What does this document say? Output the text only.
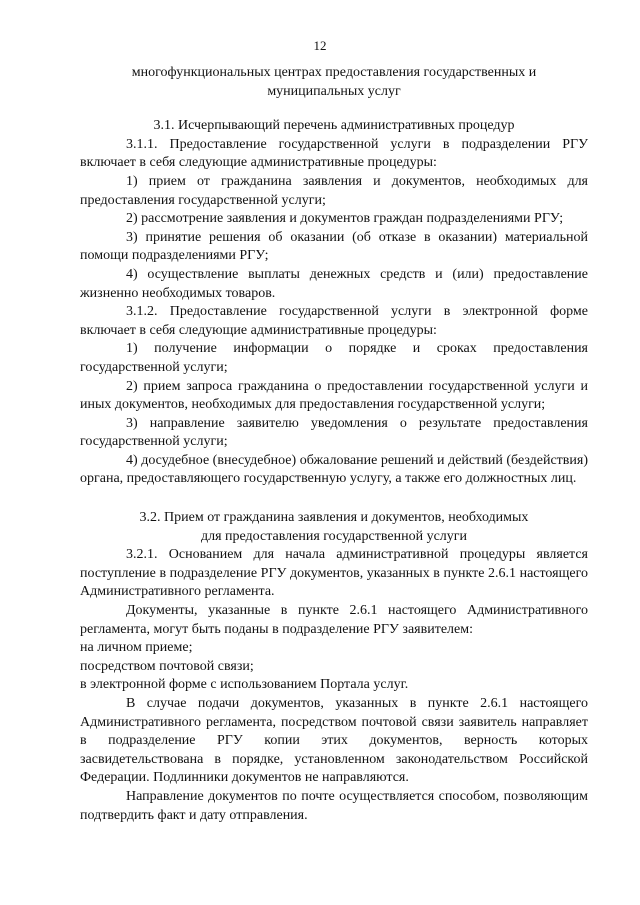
12
многофункциональных центрах предоставления государственных и
муниципальных услуг

3.1. Исчерпывающий перечень административных процедур

3.1.1. Предоставление государственной услуги в подразделении РГУ включает в себя следующие административные процедуры:

1) прием от гражданина заявления и документов, необходимых для предоставления государственной услуги;

2) рассмотрение заявления и документов граждан подразделениями РГУ;

3) принятие решения об оказании (об отказе в оказании) материальной помощи подразделениями РГУ;

4) осуществление выплаты денежных средств и (или) предоставление жизненно необходимых товаров.

3.1.2. Предоставление государственной услуги в электронной форме включает в себя следующие административные процедуры:

1) получение информации о порядке и сроках предоставления государственной услуги;

2) прием запроса гражданина о предоставлении государственной услуги и иных документов, необходимых для предоставления государственной услуги;

3) направление заявителю уведомления о результате предоставления государственной услуги;

4) досудебное (внесудебное) обжалование решений и действий (бездействия) органа, предоставляющего государственную услугу, а также его должностных лиц.

3.2. Прием от гражданина заявления и документов, необходимых
для предоставления государственной услуги

3.2.1. Основанием для начала административной процедуры является поступление в подразделение РГУ документов, указанных в пункте 2.6.1 настоящего Административного регламента.

Документы, указанные в пункте 2.6.1 настоящего Административного регламента, могут быть поданы в подразделение РГУ заявителем:

на личном приеме;

посредством почтовой связи;

в электронной форме с использованием Портала услуг.

В случае подачи документов, указанных в пункте 2.6.1 настоящего Административного регламента, посредством почтовой связи заявитель направляет в подразделение РГУ копии этих документов, верность которых засвидетельствована в порядке, установленном законодательством Российской Федерации. Подлинники документов не направляются.

Направление документов по почте осуществляется способом, позволяющим подтвердить факт и дату отправления.
